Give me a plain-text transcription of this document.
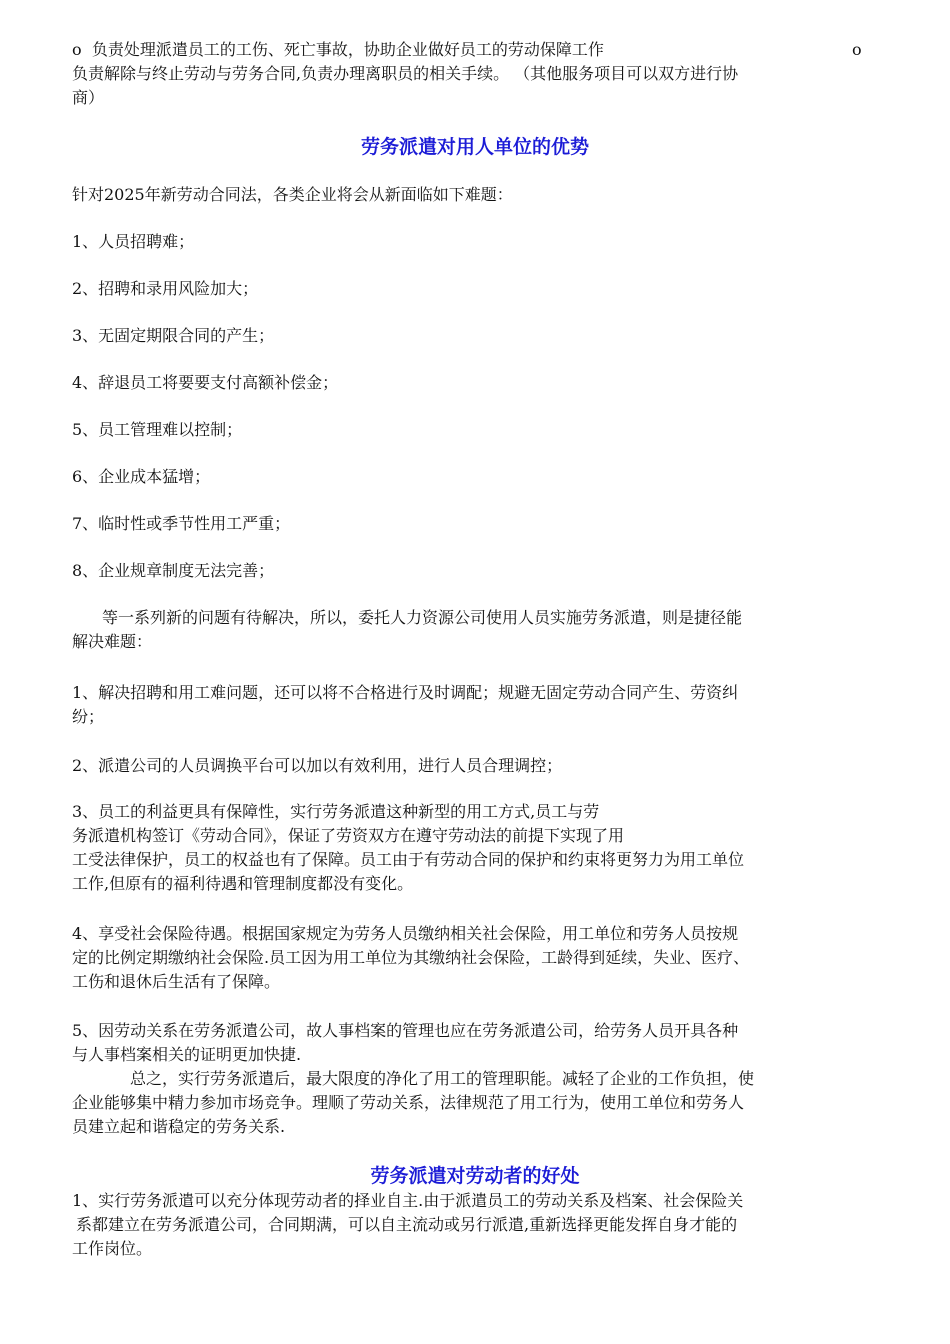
o 负责处理派遣员工的工伤、死亡事故，协助企业做好员工的劳动保障工作
负责解除与终止劳动与劳务合同,负责办理离职员的相关手续。 （其他服务项目可以双方进行协
商）
o
劳务派遣对用人单位的优势

针对2025年新劳动合同法，各类企业将会从新面临如下难题：

1、人员招聘难；

2、招聘和录用风险加大；

3、无固定期限合同的产生；

4、辞退员工将要要支付高额补偿金；

5、员工管理难以控制；

6、企业成本猛增；

7、临时性或季节性用工严重；

8、企业规章制度无法完善；

等一系列新的问题有待解决，所以，委托人力资源公司使用人员实施劳务派遣，则是捷径能
解决难题：
1、解决招聘和用工难问题，还可以将不合格进行及时调配；规避无固定劳动合同产生、劳资纠
纷；
2、派遣公司的人员调换平台可以加以有效利用，进行人员合理调控；
3、员工的利益更具有保障性，实行劳务派遣这种新型的用工方式,员工与劳
务派遣机构签订《劳动合同》，保证了劳资双方在遵守劳动法的前提下实现了用
工受法律保护，员工的权益也有了保障。员工由于有劳动合同的保护和约束将更努力为用工单位
工作,但原有的福利待遇和管理制度都没有变化。
4、享受社会保险待遇。根据国家规定为劳务人员缴纳相关社会保险，用工单位和劳务人员按规
定的比例定期缴纳社会保险.员工因为用工单位为其缴纳社会保险，工龄得到延续，失业、医疗、
工伤和退休后生活有了保障。
5、因劳动关系在劳务派遣公司，故人事档案的管理也应在劳务派遣公司，给劳务人员开具各种
与人事档案相关的证明更加快捷.
总之，实行劳务派遣后，最大限度的净化了用工的管理职能。减轻了企业的工作负担，使
企业能够集中精力参加市场竞争。理顺了劳动关系，法律规范了用工行为，使用工单位和劳务人
员建立起和谐稳定的劳务关系.
劳务派遣对劳动者的好处
1、实行劳务派遣可以充分体现劳动者的择业自主.由于派遣员工的劳动关系及档案、社会保险关
系都建立在劳务派遣公司，合同期满，可以自主流动或另行派遣,重新选择更能发挥自身才能的
工作岗位。
